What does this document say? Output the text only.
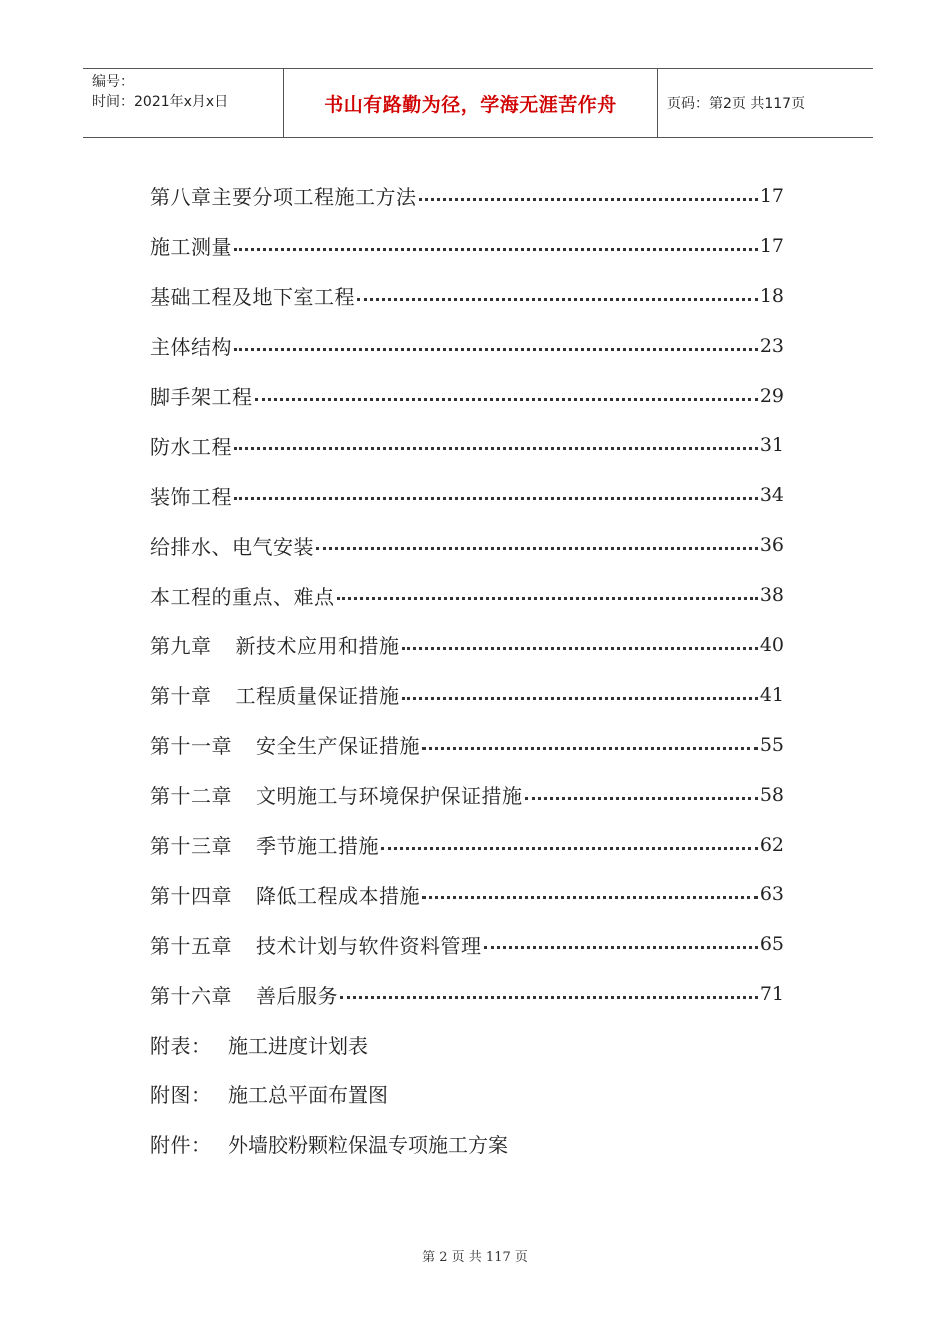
编号：
时间：2021年x月x日	书山有路勤为径，学海无涯苦作舟	页码：第2页 共117页
第八章主要分项工程施工方法	17
施工测量	17
基础工程及地下室工程	18
主体结构	23
脚手架工程	29
防水工程	31
装饰工程	34
给排水、电气安装	36
本工程的重点、难点	38
第九章 新技术应用和措施	40
第十章 工程质量保证措施	41
第十一章 安全生产保证措施	55
第十二章 文明施工与环境保护保证措施	58
第十三章 季节施工措施	62
第十四章 降低工程成本措施	63
第十五章 技术计划与软件资料管理	65
第十六章 善后服务	71
附表： 施工进度计划表
附图： 施工总平面布置图
附件： 外墙胶粉颗粒保温专项施工方案
第 2 页 共 117 页
